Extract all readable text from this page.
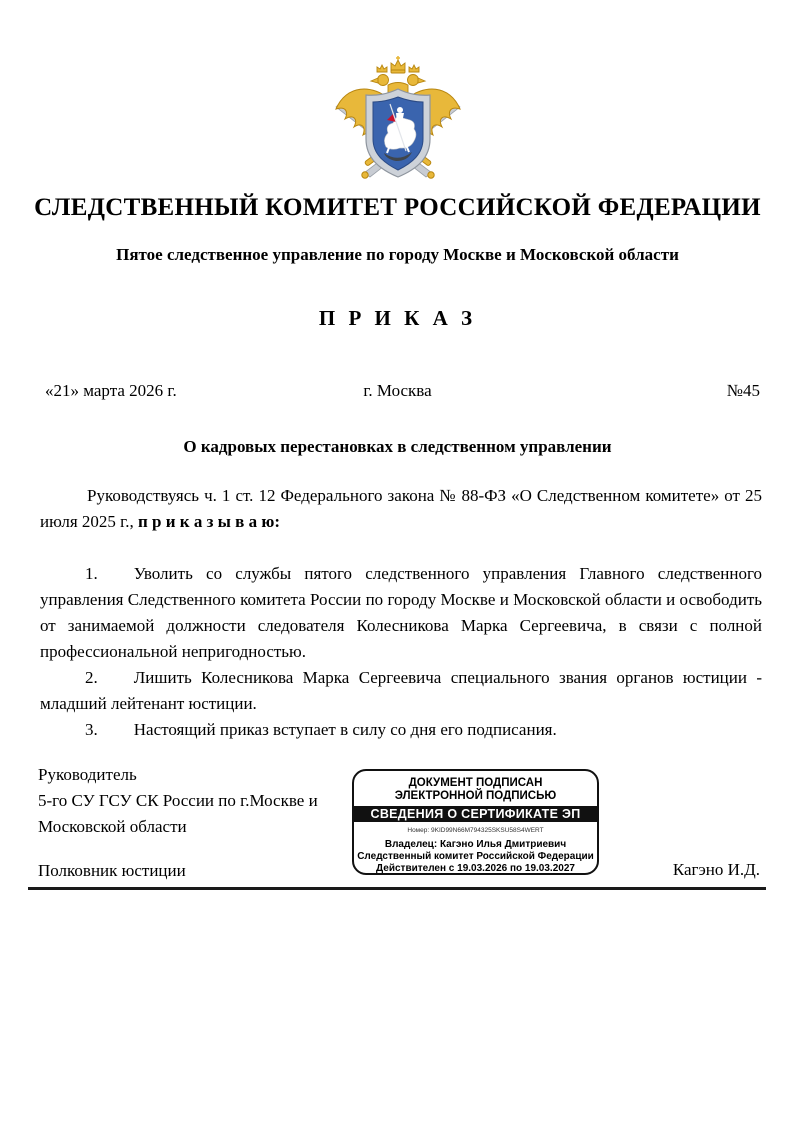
СЛЕДСТВЕННЫЙ КОМИТЕТ РОССИЙСКОЙ ФЕДЕРАЦИИ
Пятое следственное управление по городу Москве и Московской области
П Р И К А З
«21» марта 2026 г.	г. Москва	№45
О кадровых перестановках в следственном управлении

Руководствуясь ч. 1 ст. 12 Федерального закона № 88-ФЗ «О Следственном комитете» от 25 июля 2025 г., п р и к а з ы в а ю:

1. Уволить со службы пятого следственного управления Главного следственного управления Следственного комитета России по городу Москве и Московской области и освободить от занимаемой должности следователя Колесникова Марка Сергеевича, в связи с полной профессиональной непригодностью.

2. Лишить Колесникова Марка Сергеевича специального звания органов юстиции - младший лейтенант юстиции.

3. Настоящий приказ вступает в силу со дня его подписания.

Руководитель
5-го СУ ГСУ СК России по г.Москве и
Московской области
Полковник юстиции
ДОКУМЕНТ ПОДПИСАН
ЭЛЕКТРОННОЙ ПОДПИСЬЮ
СВЕДЕНИЯ О СЕРТИФИКАТЕ ЭП
Номер: 9KID99N66M794325SKSU58S4WERT
Владелец: Кагэно Илья Дмитриевич
Следственный комитет Российской Федерации
Действителен с 19.03.2026 по 19.03.2027	Кагэно И.Д.
